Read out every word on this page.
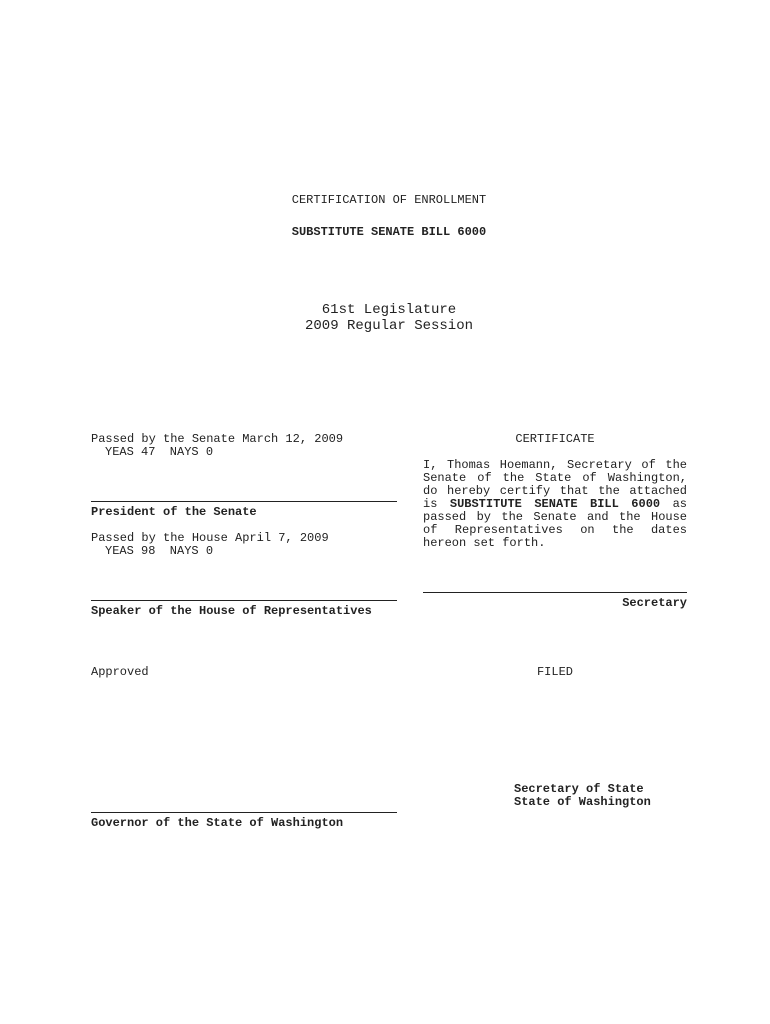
CERTIFICATION OF ENROLLMENT
SUBSTITUTE SENATE BILL 6000
61st Legislature
2009 Regular Session
Passed by the Senate March 12, 2009
YEAS 47  NAYS 0
President of the Senate
Passed by the House April 7, 2009
YEAS 98  NAYS 0
Speaker of the House of Representatives
CERTIFICATE
I, Thomas Hoemann, Secretary of the Senate of the State of Washington, do hereby certify that the attached is SUBSTITUTE SENATE BILL 6000 as passed by the Senate and the House of Representatives on the dates hereon set forth.
Secretary
Approved
Governor of the State of Washington
FILED
Secretary of State
State of Washington
